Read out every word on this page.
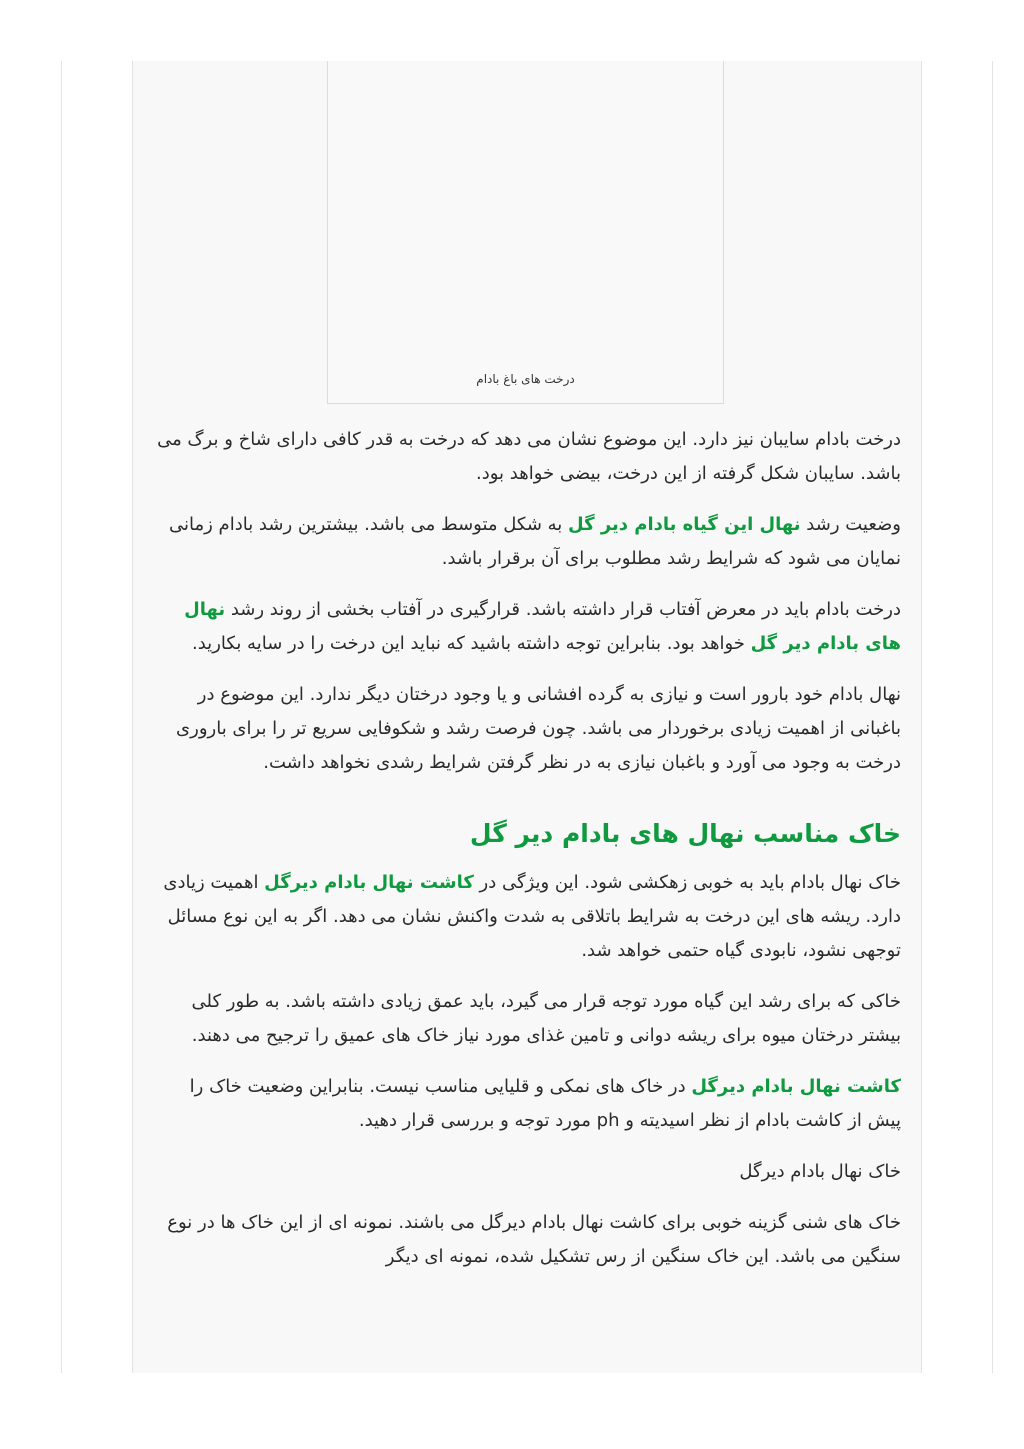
درخت های باغ بادام

درخت بادام سایبان نیز دارد. این موضوع نشان می دهد که درخت به قدر کافی دارای شاخ و برگ می باشد. سایبان شکل گرفته از این درخت، بیضی خواهد بود.

وضعیت رشد نهال این گیاه بادام دیر گل به شکل متوسط می باشد. بیشترین رشد بادام زمانی نمایان می شود که شرایط رشد مطلوب برای آن برقرار باشد.

درخت بادام باید در معرض آفتاب قرار داشته باشد. قرارگیری در آفتاب بخشی از روند رشد نهال های بادام دیر گل خواهد بود. بنابراین توجه داشته باشید که نباید این درخت را در سایه بکارید.

نهال بادام خود بارور است و نیازی به گرده افشانی و یا وجود درختان دیگر ندارد. این موضوع در باغبانی از اهمیت زیادی برخوردار می باشد. چون فرصت رشد و شکوفایی سریع تر را برای باروری درخت به وجود می آورد و باغبان نیازی به در نظر گرفتن شرایط رشدی نخواهد داشت.

خاک مناسب نهال های بادام دیر گل

خاک نهال بادام باید به خوبی زهکشی شود. این ویژگی در کاشت نهال بادام دیرگل اهمیت زیادی دارد. ریشه های این درخت به شرایط باتلاقی به شدت واکنش نشان می دهد. اگر به این نوع مسائل توجهی نشود، نابودی گیاه حتمی خواهد شد.

خاکی که برای رشد این گیاه مورد توجه قرار می گیرد، باید عمق زیادی داشته باشد. به طور کلی بیشتر درختان میوه برای ریشه دوانی و تامین غذای مورد نیاز خاک های عمیق را ترجیح می دهند.

کاشت نهال بادام دیرگل در خاک های نمکی و قلیایی مناسب نیست. بنابراین وضعیت خاک را پیش از کاشت بادام از نظر اسیدیته و ph مورد توجه و بررسی قرار دهید.

خاک نهال بادام دیرگل

خاک های شنی گزینه خوبی برای کاشت نهال بادام دیرگل می باشند. نمونه ای از این خاک ها در نوع سنگین می باشد. این خاک سنگین از رس تشکیل شده، نمونه ای دیگر
